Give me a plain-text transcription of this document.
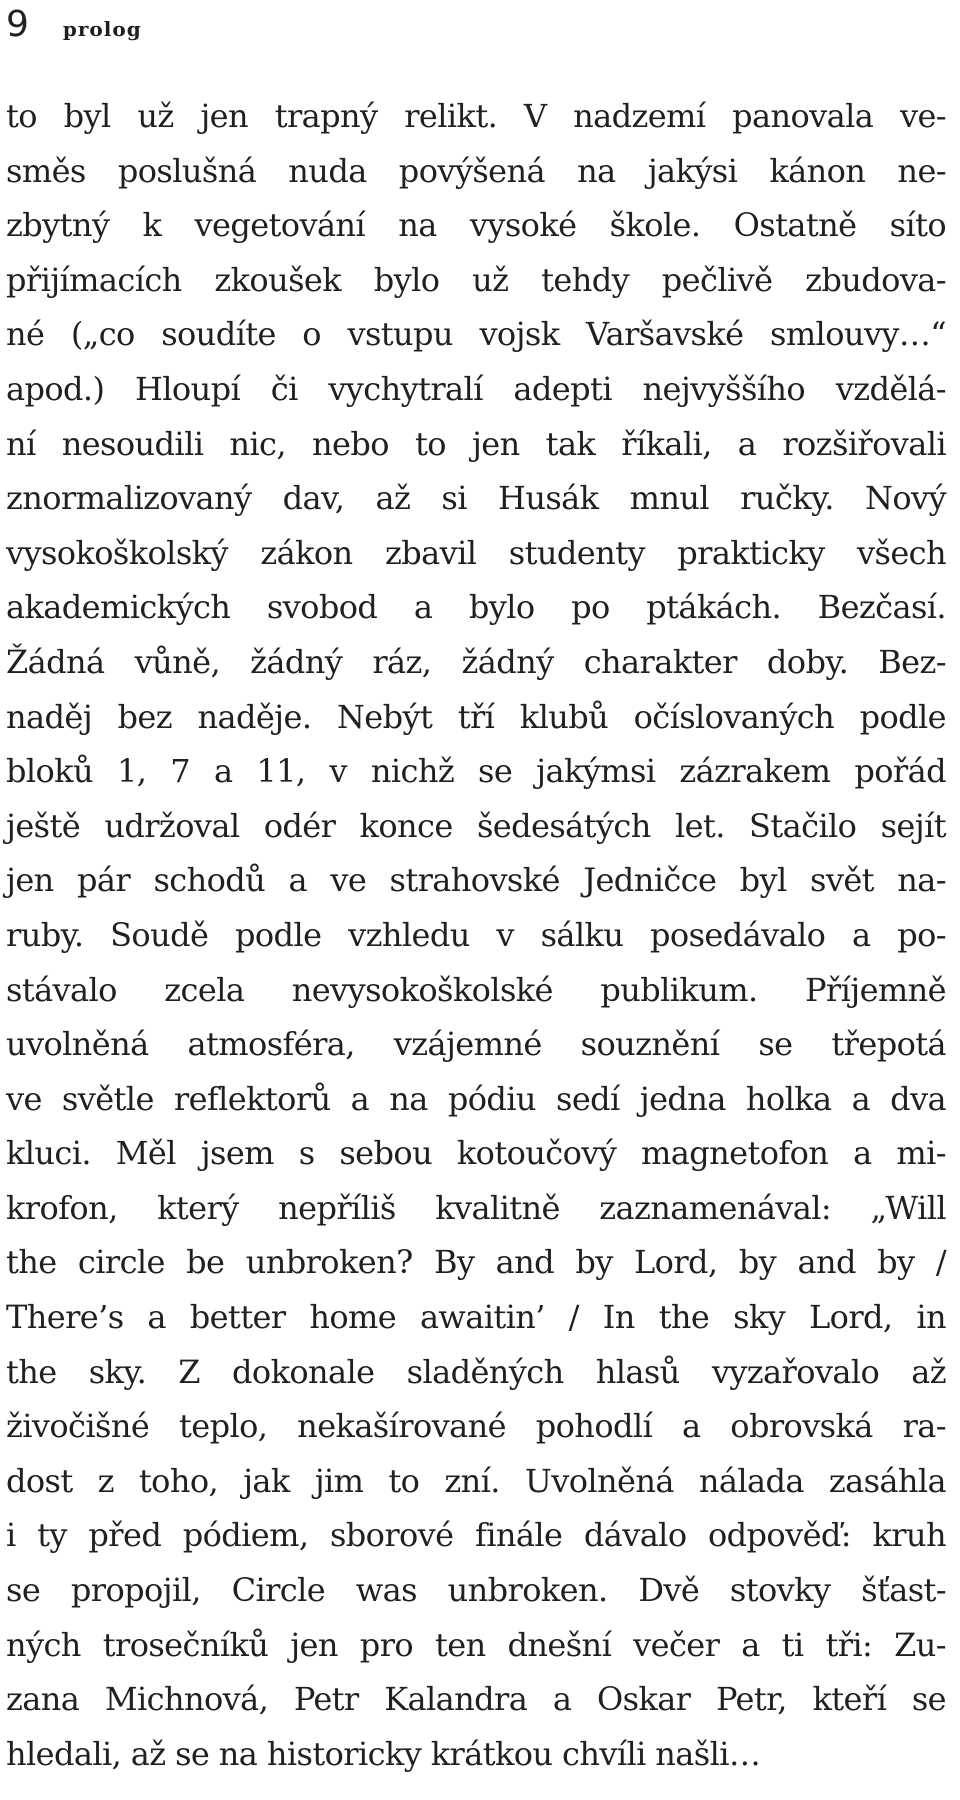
9 prolog
to byl už jen trapný relikt. V nadzemí panovala ve-
směs poslušná nuda povýšená na jakýsi kánon ne-
zbytný k vegetování na vysoké škole. Ostatně síto
přijímacích zkoušek bylo už tehdy pečlivě zbudova-
né („co soudíte o vstupu vojsk Varšavské smlouvy…“
apod.) Hloupí či vychytralí adepti nejvyššího vzdělá-
ní nesoudili nic, nebo to jen tak říkali, a rozšiřovali
znormalizovaný dav, až si Husák mnul ručky. Nový
vysokoškolský zákon zbavil studenty prakticky všech
akademických svobod a bylo po ptákách. Bezčasí.
Žádná vůně, žádný ráz, žádný charakter doby. Bez-
naděj bez naděje. Nebýt tří klubů očíslovaných podle
bloků 1, 7 a 11, v nichž se jakýmsi zázrakem pořád
ještě udržoval odér konce šedesátých let. Stačilo sejít
jen pár schodů a ve strahovské Jedničce byl svět na-
ruby. Soudě podle vzhledu v sálku posedávalo a po-
stávalo zcela nevysokoškolské publikum. Příjemně
uvolněná atmosféra, vzájemné souznění se třepotá
ve světle reflektorů a na pódiu sedí jedna holka a dva
kluci. Měl jsem s sebou kotoučový magnetofon a mi-
krofon, který nepříliš kvalitně zaznamenával: „Will
the circle be unbroken? By and by Lord, by and by /
There’s a better home awaitin’ / In the sky Lord, in
the sky. Z dokonale sladěných hlasů vyzařovalo až
živočišné teplo, nekašírované pohodlí a obrovská ra-
dost z toho, jak jim to zní. Uvolněná nálada zasáhla
i ty před pódiem, sborové finále dávalo odpověď: kruh
se propojil, Circle was unbroken. Dvě stovky šťast-
ných trosečníků jen pro ten dnešní večer a ti tři: Zu-
zana Michnová, Petr Kalandra a Oskar Petr, kteří se
hledali, až se na historicky krátkou chvíli našli…
